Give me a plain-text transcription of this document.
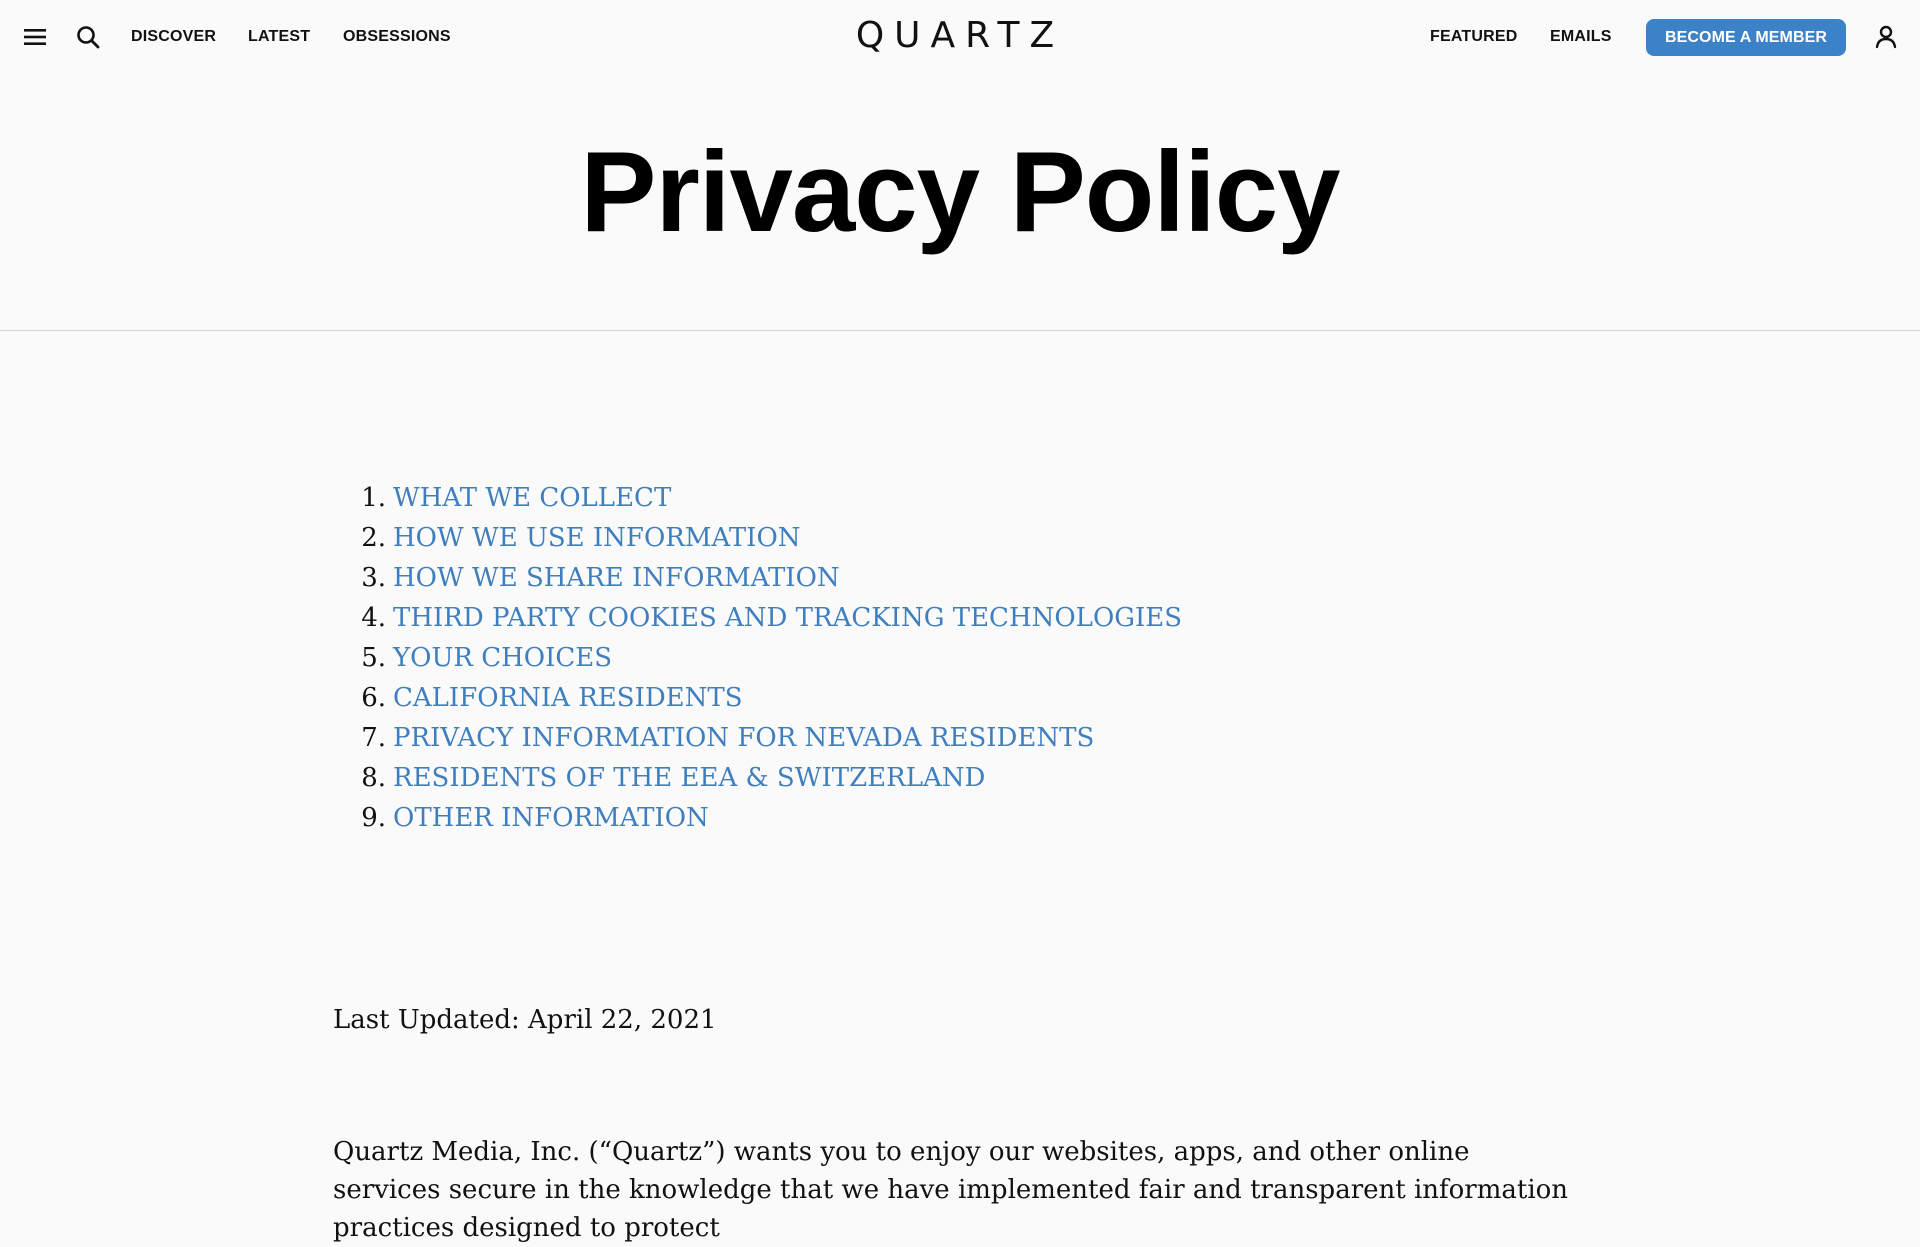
DISCOVER LATEST OBSESSIONS	QUARTZ	FEATURED EMAILS	BECOME A MEMBER
Privacy Policy
1. WHAT WE COLLECT
2. HOW WE USE INFORMATION
3. HOW WE SHARE INFORMATION
4. THIRD PARTY COOKIES AND TRACKING TECHNOLOGIES
5. YOUR CHOICES
6. CALIFORNIA RESIDENTS
7. PRIVACY INFORMATION FOR NEVADA RESIDENTS
8. RESIDENTS OF THE EEA & SWITZERLAND
9. OTHER INFORMATION
Last Updated: April 22, 2021

Quartz Media, Inc. (“Quartz”) wants you to enjoy our websites, apps, and other online services secure in the knowledge that we have implemented fair and transparent information practices designed to protect
